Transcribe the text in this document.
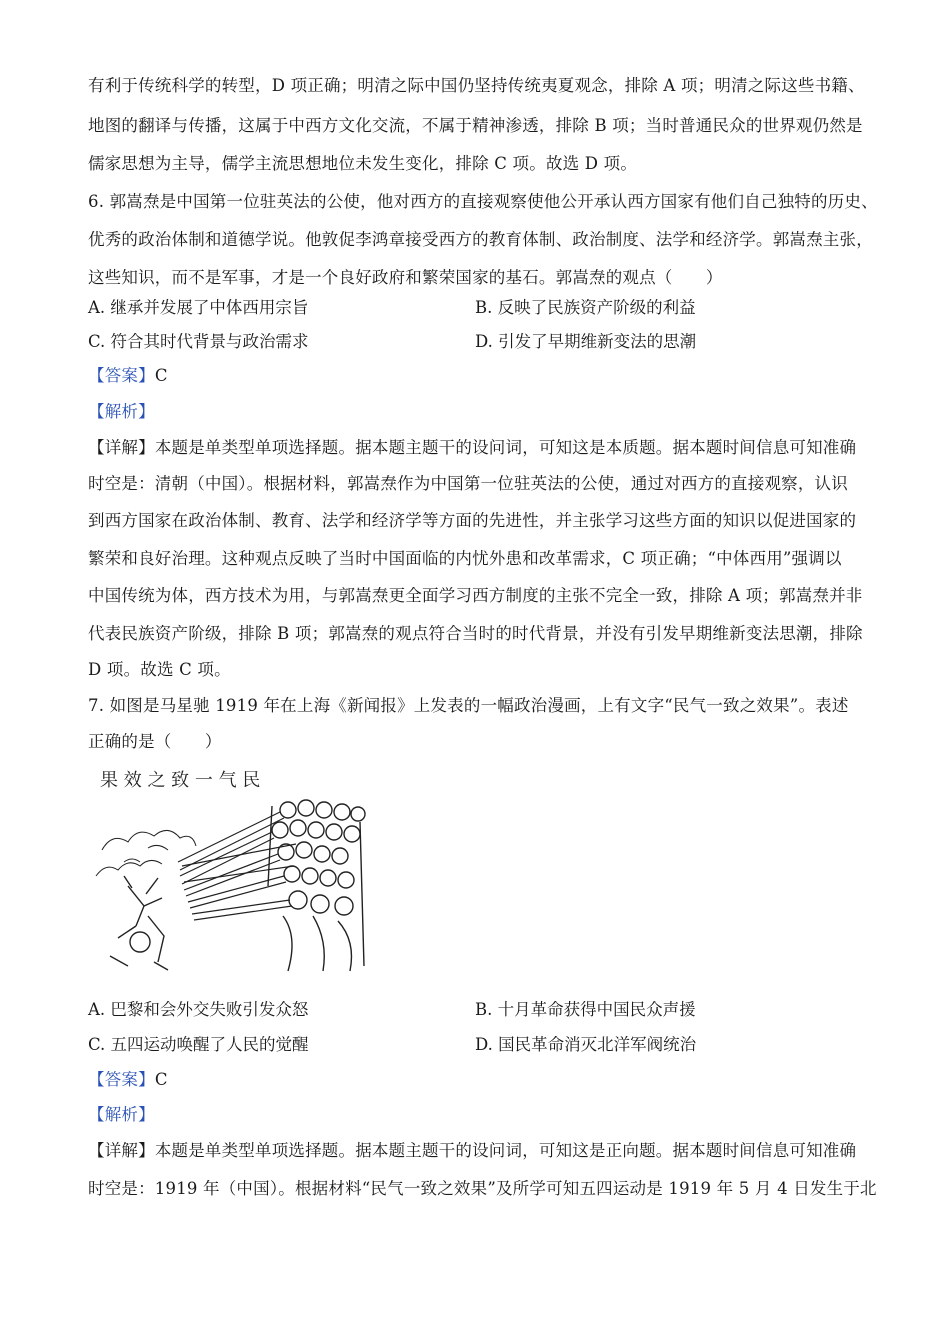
有利于传统科学的转型，D 项正确；明清之际中国仍坚持传统夷夏观念，排除 A 项；明清之际这些书籍、
地图的翻译与传播，这属于中西方文化交流，不属于精神渗透，排除 B 项；当时普通民众的世界观仍然是
儒家思想为主导，儒学主流思想地位未发生变化，排除 C 项。故选 D 项。
6. 郭嵩焘是中国第一位驻英法的公使，他对西方的直接观察使他公开承认西方国家有他们自己独特的历史、
优秀的政治体制和道德学说。他敦促李鸿章接受西方的教育体制、政治制度、法学和经济学。郭嵩焘主张，
这些知识，而不是军事，才是一个良好政府和繁荣国家的基石。郭嵩焘的观点（　　）
A. 继承并发展了中体西用宗旨	B. 反映了民族资产阶级的利益
C. 符合其时代背景与政治需求	D. 引发了早期维新变法的思潮
【答案】C
【解析】
【详解】本题是单类型单项选择题。据本题主题干的设问词，可知这是本质题。据本题时间信息可知准确
时空是：清朝（中国）。根据材料，郭嵩焘作为中国第一位驻英法的公使，通过对西方的直接观察，认识
到西方国家在政治体制、教育、法学和经济学等方面的先进性，并主张学习这些方面的知识以促进国家的
繁荣和良好治理。这种观点反映了当时中国面临的内忧外患和改革需求，C 项正确；“中体西用”强调以
中国传统为体，西方技术为用，与郭嵩焘更全面学习西方制度的主张不完全一致，排除 A 项；郭嵩焘并非
代表民族资产阶级，排除 B 项；郭嵩焘的观点符合当时的时代背景，并没有引发早期维新变法思潮，排除
D 项。故选 C 项。
7. 如图是马星驰 1919 年在上海《新闻报》上发表的一幅政治漫画，上有文字“民气一致之效果”。表述
正确的是（　　）
果 效 之 致 一 气 民
A. 巴黎和会外交失败引发众怒	B. 十月革命获得中国民众声援
C. 五四运动唤醒了人民的觉醒	D. 国民革命消灭北洋军阀统治
【答案】C
【解析】
【详解】本题是单类型单项选择题。据本题主题干的设问词，可知这是正向题。据本题时间信息可知准确
时空是：1919 年（中国）。根据材料“民气一致之效果”及所学可知五四运动是 1919 年 5 月 4 日发生于北
